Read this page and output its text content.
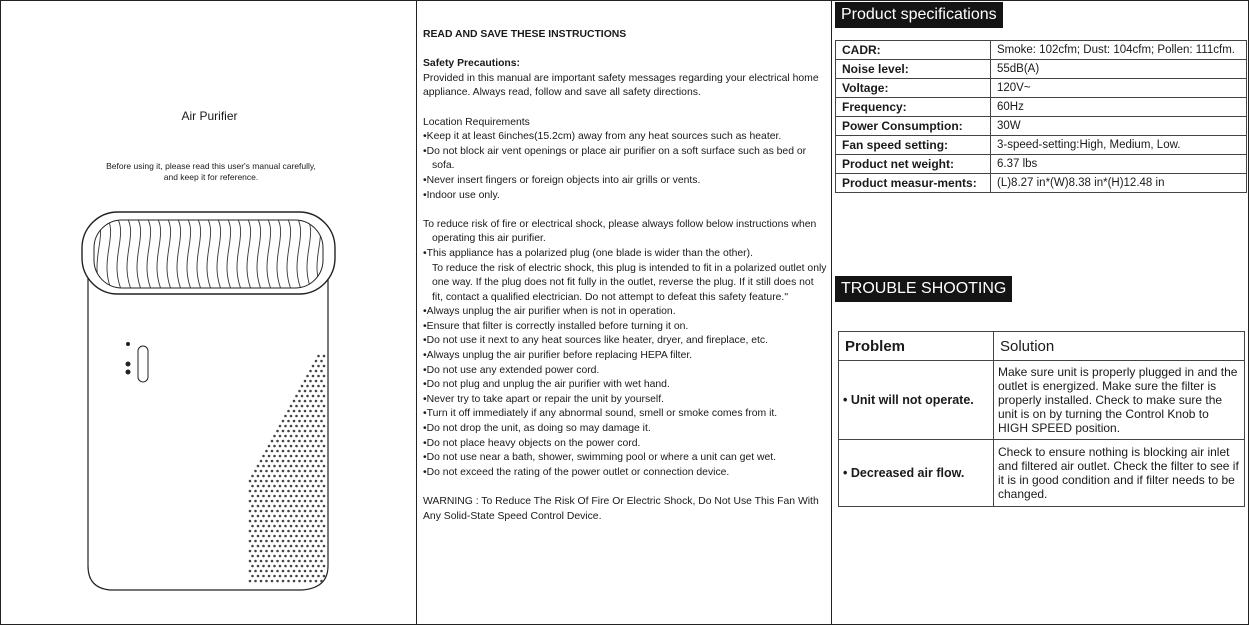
Air Purifier
Before using it, please read this user's manual carefully,
and keep it for reference.

READ AND SAVE THESE INSTRUCTIONS

Safety Precautions:

Provided in this manual are important safety messages regarding your electrical home appliance. Always read, follow and save all safety directions.

Location Requirements

• Keep it at least 6inches(15.2cm) away from any heat sources such as heater.
• Do not block air vent openings or place air purifier on a soft surface such as bed or sofa.
• Never insert fingers or foreign objects into air grills or vents.
• Indoor use only.

To reduce risk of fire or electrical shock, please always follow below instructions when operating this air purifier.

• This appliance has a polarized plug (one blade is wider than the other).

To reduce the risk of electric shock, this plug is intended to fit in a polarized outlet only one way. If the plug does not fit fully in the outlet, reverse the plug. If it still does not fit, contact a qualified electrician. Do not attempt to defeat this safety feature."

• Always unplug the air purifier when is not in operation.
• Ensure that filter is correctly installed before turning it on.
• Do not use it next to any heat sources like heater, dryer, and fireplace, etc.
• Always unplug the air purifier before replacing HEPA filter.
• Do not use any extended power cord.
• Do not plug and unplug the air purifier with wet hand.
• Never try to take apart or repair the unit by yourself.
• Turn it off immediately if any abnormal sound, smell or smoke comes from it.
• Do not drop the unit, as doing so may damage it.
• Do not place heavy objects on the power cord.
• Do not use near a bath, shower, swimming pool or where a unit can get wet.
• Do not exceed the rating of the power outlet or connection device.

WARNING : To Reduce The Risk Of Fire Or Electric Shock, Do Not Use This Fan With Any Solid-State Speed Control Device.

Product specifications
CADR:	Smoke: 102cfm; Dust: 104cfm; Pollen: 111cfm.
Noise level:	55dB(A)
Voltage:	120V~
Frequency:	60Hz
Power Consumption:	30W
Fan speed setting:	3-speed-setting:High, Medium, Low.
Product net weight:	6.37 lbs
Product measur-ments:	(L)8.27 in*(W)8.38 in*(H)12.48 in
TROUBLE SHOOTING
Problem	Solution
• Unit will not operate.	Make sure unit is properly plugged in and the outlet is energized. Make sure the filter is properly installed. Check to make sure the unit is on by turning the Control Knob to HIGH SPEED position.
• Decreased air flow.	Check to ensure nothing is blocking air inlet and filtered air outlet. Check the filter to see if it is in good condition and if filter needs to be changed.
